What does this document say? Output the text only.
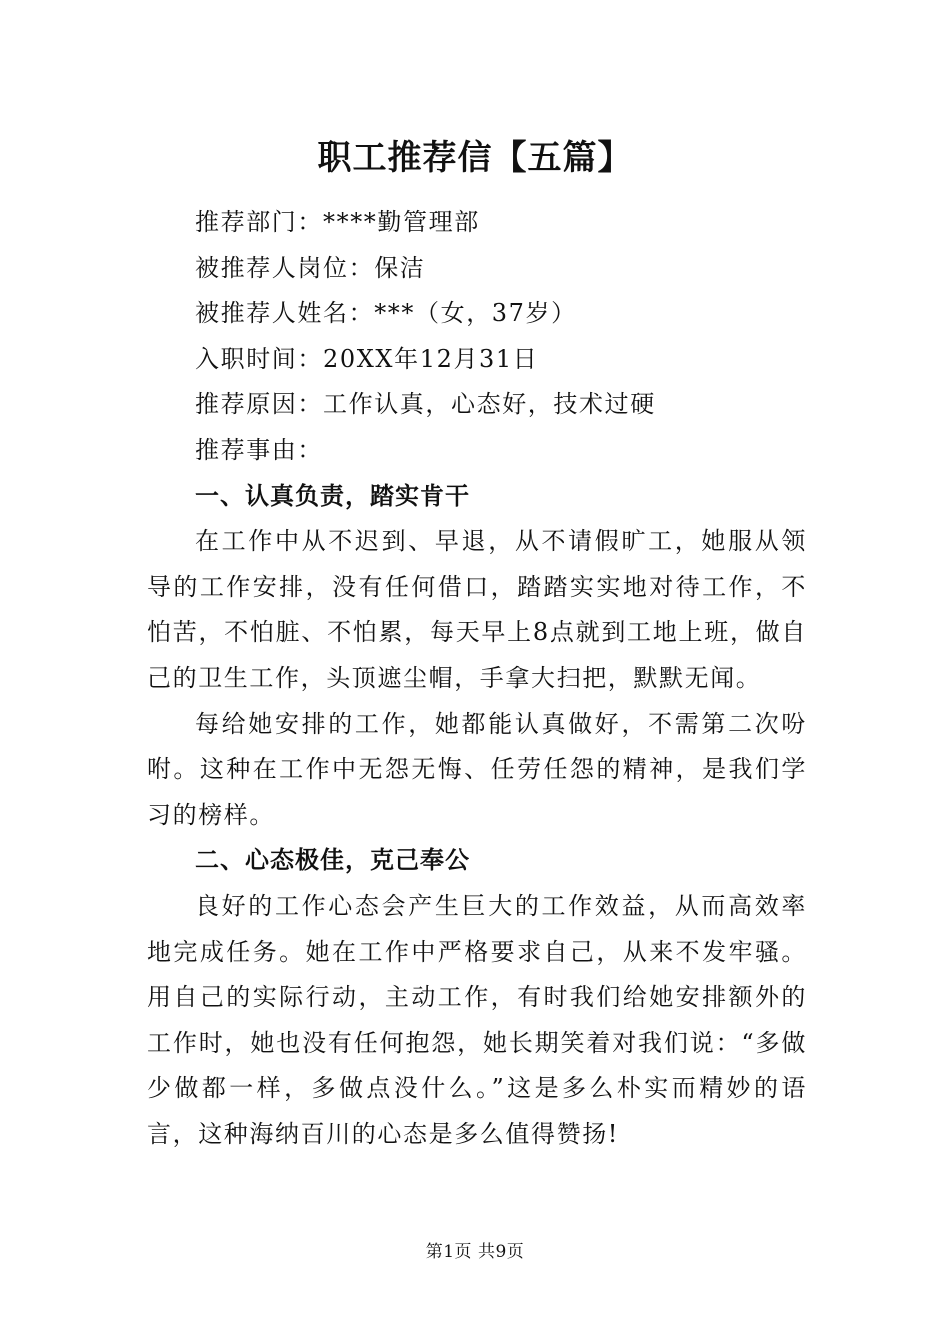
职工推荐信【五篇】

推荐部门：****勤管理部

被推荐人岗位：保洁

被推荐人姓名：***（女，37岁）

入职时间：20XX年12月31日

推荐原因：工作认真，心态好，技术过硬

推荐事由：

一、认真负责，踏实肯干

在工作中从不迟到、早退，从不请假旷工，她服从领导的工作安排，没有任何借口，踏踏实实地对待工作，不怕苦，不怕脏、不怕累，每天早上8点就到工地上班，做自己的卫生工作，头顶遮尘帽，手拿大扫把，默默无闻。

每给她安排的工作，她都能认真做好，不需第二次吩咐。这种在工作中无怨无悔、任劳任怨的精神，是我们学习的榜样。

二、心态极佳，克己奉公

良好的工作心态会产生巨大的工作效益，从而高效率地完成任务。她在工作中严格要求自己，从来不发牢骚。用自己的实际行动，主动工作，有时我们给她安排额外的工作时，她也没有任何抱怨，她长期笑着对我们说：“多做少做都一样，多做点没什么。”这是多么朴实而精妙的语言，这种海纳百川的心态是多么值得赞扬!

第1页 共9页
